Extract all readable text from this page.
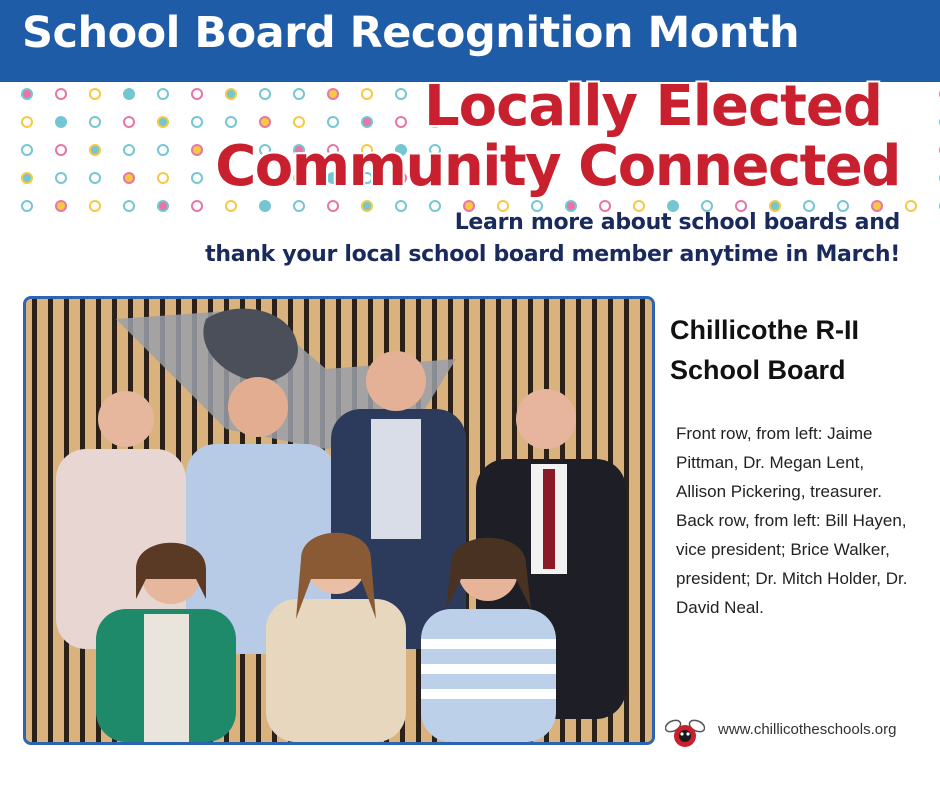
School Board Recognition Month
Locally Elected
Community Connected

Learn more about school boards and

thank your local school board member anytime in March!

Chillicothe R-II
School Board

Front row, from left: Jaime Pittman, Dr. Megan Lent, Allison Pickering, treasurer. Back row, from left: Bill Hayen, vice president; Brice Walker, president; Dr. Mitch Holder, Dr. David Neal.

www.chillicotheschools.org
